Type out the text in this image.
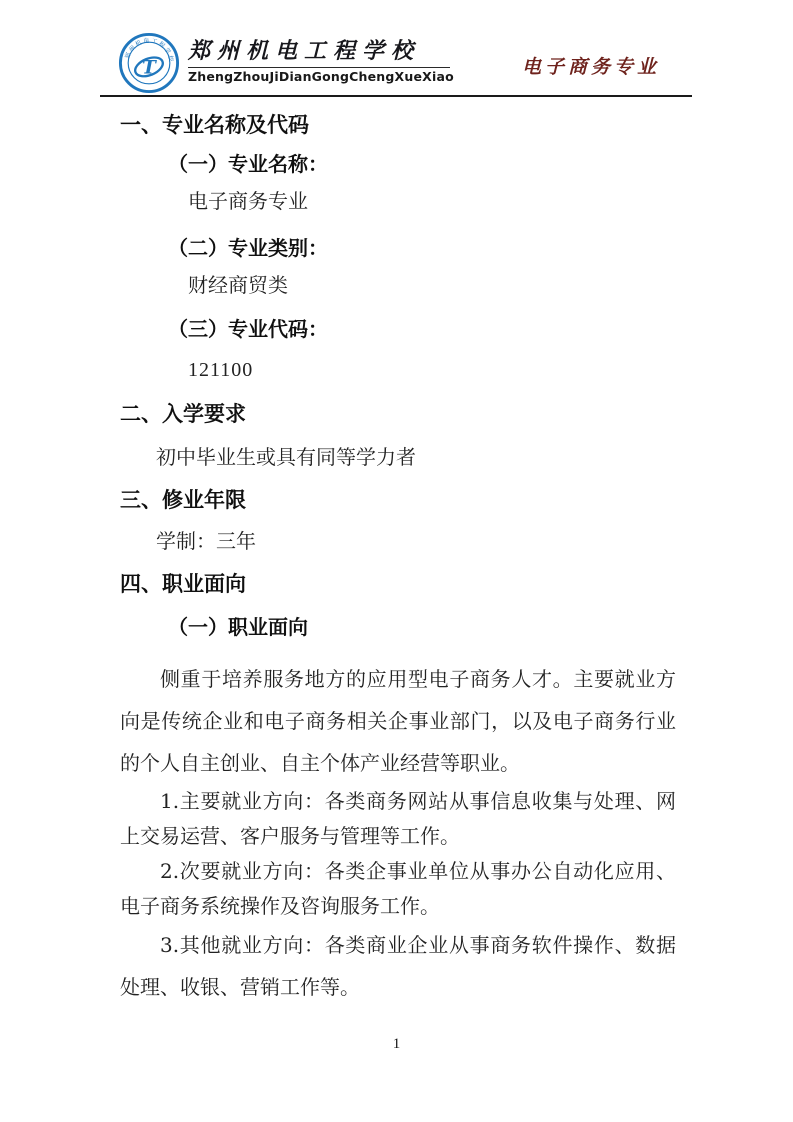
郑州机电工程学校
T
郑州机电工程学校
ZhengZhouJiDianGongChengXueXiao	电子商务专业
一、专业名称及代码
（一）专业名称：
电子商务专业
（二）专业类别：
财经商贸类
（三）专业代码：
121100
二、入学要求
初中毕业生或具有同等学力者
三、修业年限
学制：三年
四、职业面向
（一）职业面向
侧重于培养服务地方的应用型电子商务人才。主要就业方向是传统企业和电子商务相关企事业部门，以及电子商务行业的个人自主创业、自主个体产业经营等职业。
1.主要就业方向：各类商务网站从事信息收集与处理、网上交易运营、客户服务与管理等工作。
2.次要就业方向：各类企事业单位从事办公自动化应用、电子商务系统操作及咨询服务工作。
3.其他就业方向：各类商业企业从事商务软件操作、数据处理、收银、营销工作等。
1
